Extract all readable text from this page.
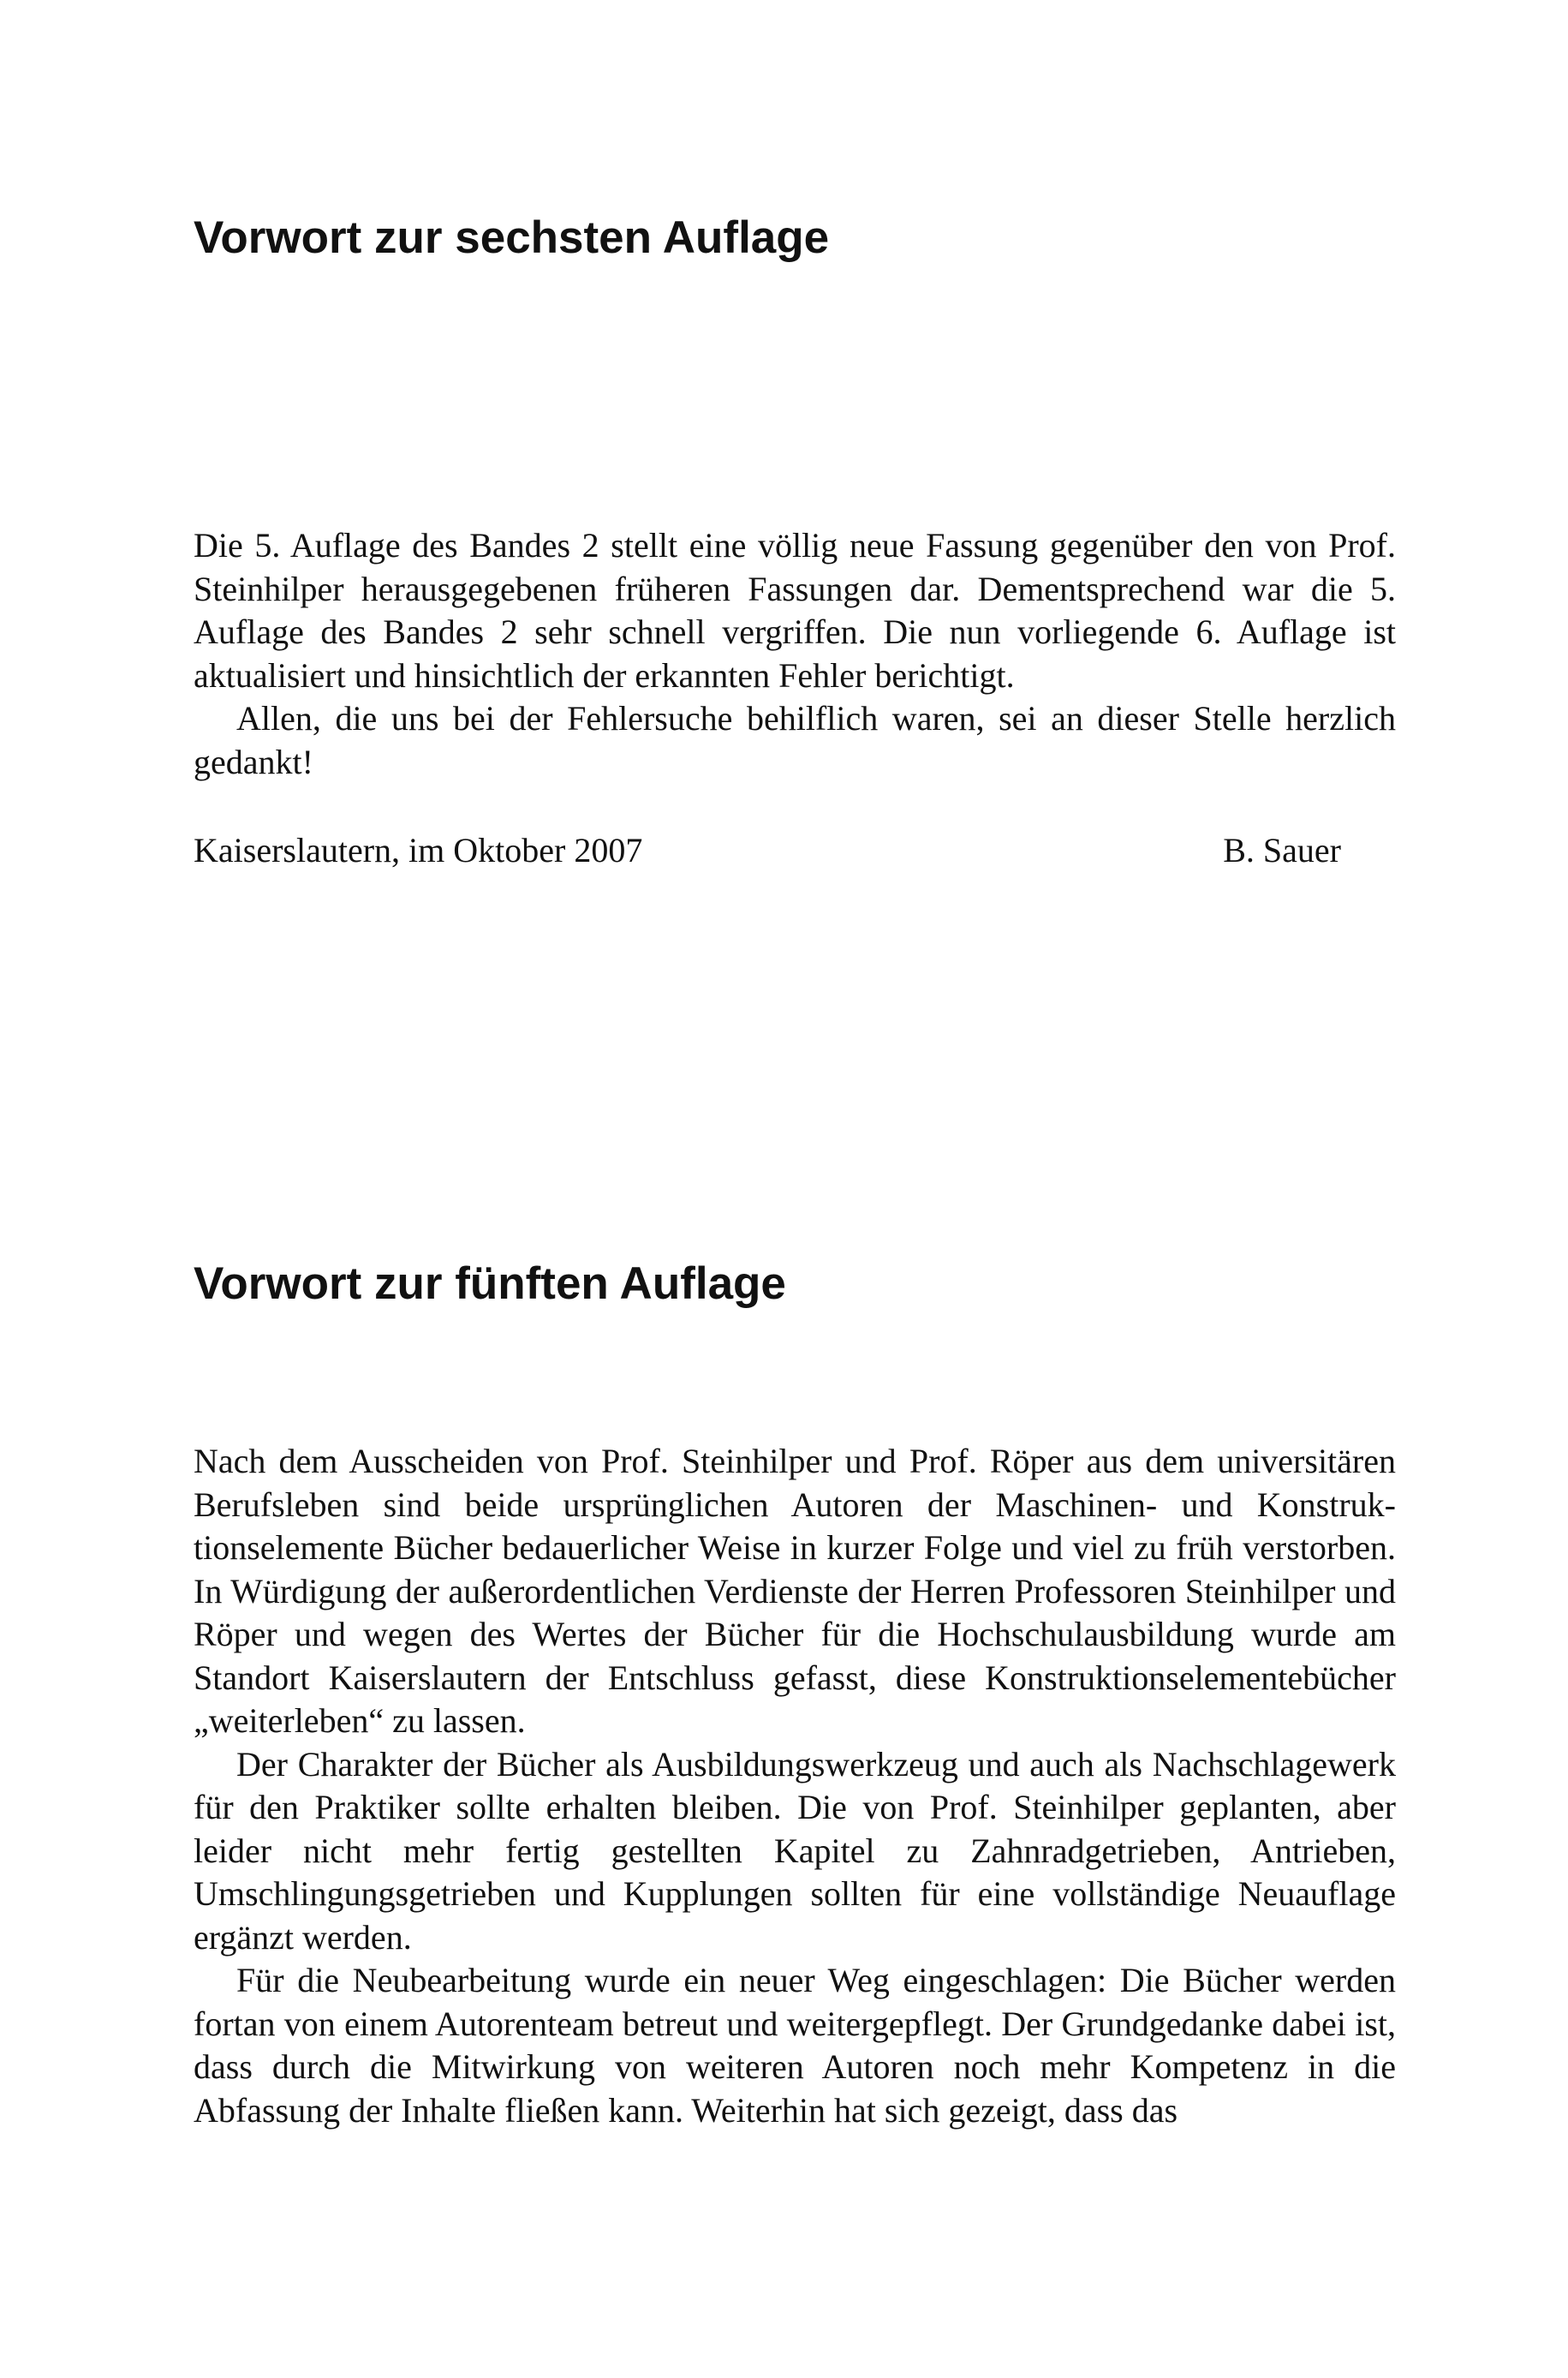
Vorwort zur sechsten Auflage

Die 5. Auflage des Bandes 2 stellt eine völlig neue Fassung gegenüber den von Prof. Steinhilper herausgegebenen früheren Fassungen dar. Dementsprechend war die 5. Auflage des Bandes 2 sehr schnell vergriffen. Die nun vorliegende 6. Auflage ist aktualisiert und hinsichtlich der erkannten Fehler berichtigt.

Allen, die uns bei der Fehlersuche behilflich waren, sei an dieser Stelle herzlich gedankt!

Kaiserslautern, im Oktober 2007	B. Sauer
Vorwort zur fünften Auflage

Nach dem Ausscheiden von Prof. Steinhilper und Prof. Röper aus dem universitären Berufsleben sind beide ursprünglichen Autoren der Maschinen- und Konstruktionselemente Bücher bedauerlicher Weise in kurzer Folge und viel zu früh verstorben. In Würdigung der außerordentlichen Verdienste der Herren Professoren Steinhilper und Röper und wegen des Wertes der Bücher für die Hochschulausbildung wurde am Standort Kaiserslautern der Entschluss gefasst, diese Konstruktionselementebücher „weiterleben“ zu lassen.

Der Charakter der Bücher als Ausbildungswerkzeug und auch als Nachschlagewerk für den Praktiker sollte erhalten bleiben. Die von Prof. Steinhilper geplanten, aber leider nicht mehr fertig gestellten Kapitel zu Zahnradgetrieben, Antrieben, Umschlingungsgetrieben und Kupplungen sollten für eine vollständige Neuauflage ergänzt werden.

Für die Neubearbeitung wurde ein neuer Weg eingeschlagen: Die Bücher werden fortan von einem Autorenteam betreut und weitergepflegt. Der Grundgedanke dabei ist, dass durch die Mitwirkung von weiteren Autoren noch mehr Kompetenz in die Abfassung der Inhalte fließen kann. Weiterhin hat sich gezeigt, dass das
